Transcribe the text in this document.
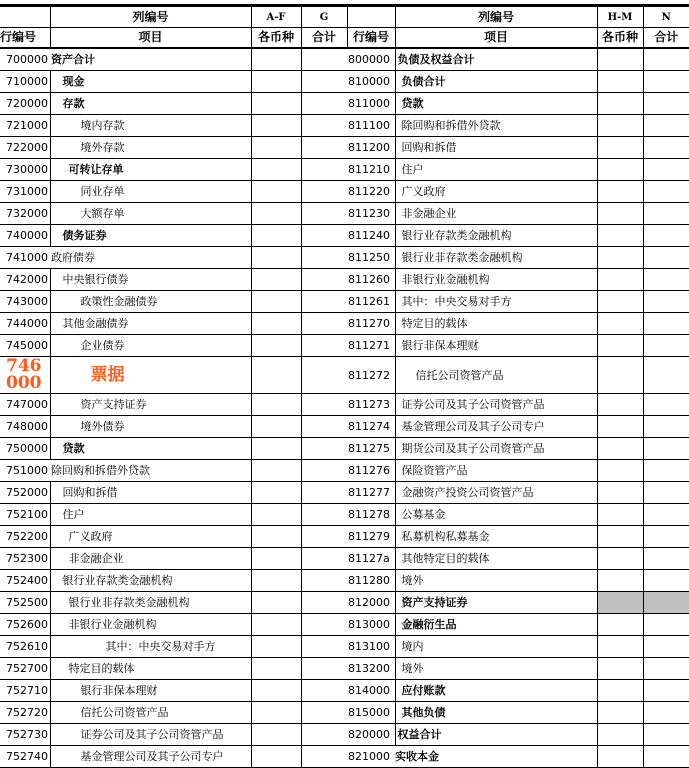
	列编号	A-F	G		列编号	H-M	N
行编号	项目	各币种	合计	行编号	项目	各币种	合计
700000	资产合计			800000	负债及权益合计		
710000	现金			810000	负债合计		
720000	存款			811000	贷款		
721000	境内存款			811100	除回购和拆借外贷款		
722000	境外存款			811200	回购和拆借		
730000	可转让存单			811210	住户		
731000	同业存单			811220	广义政府		
732000	大额存单			811230	非金融企业		
740000	债务证券			811240	银行业存款类金融机构		
741000	政府债券			811250	银行业非存款类金融机构		
742000	中央银行债券			811260	非银行业金融机构		
743000	政策性金融债券			811261	其中：中央交易对手方		
744000	其他金融债券			811270	特定目的载体		
745000	企业债券			811271	银行非保本理财		
746000	票据			811272	信托公司资管产品		
747000	资产支持证券			811273	证券公司及其子公司资管产品		
748000	境外债券			811274	基金管理公司及其子公司专户		
750000	贷款			811275	期货公司及其子公司资管产品		
751000	除回购和拆借外贷款			811276	保险资管产品		
752000	回购和拆借			811277	金融资产投资公司资管产品		
752100	住户			811278	公募基金		
752200	广义政府			811279	私募机构私募基金		
752300	非金融企业			81127a	其他特定目的载体		
752400	银行业存款类金融机构			811280	境外		
752500	银行业非存款类金融机构			812000	资产支持证券		
752600	非银行业金融机构			813000	金融衍生品		
752610	其中：中央交易对手方			813100	境内		
752700	特定目的载体			813200	境外		
752710	银行非保本理财			814000	应付账款		
752720	信托公司资管产品			815000	其他负债		
752730	证券公司及其子公司资管产品			820000	权益合计		
752740	基金管理公司及其子公司专户			821000	实收本金		
